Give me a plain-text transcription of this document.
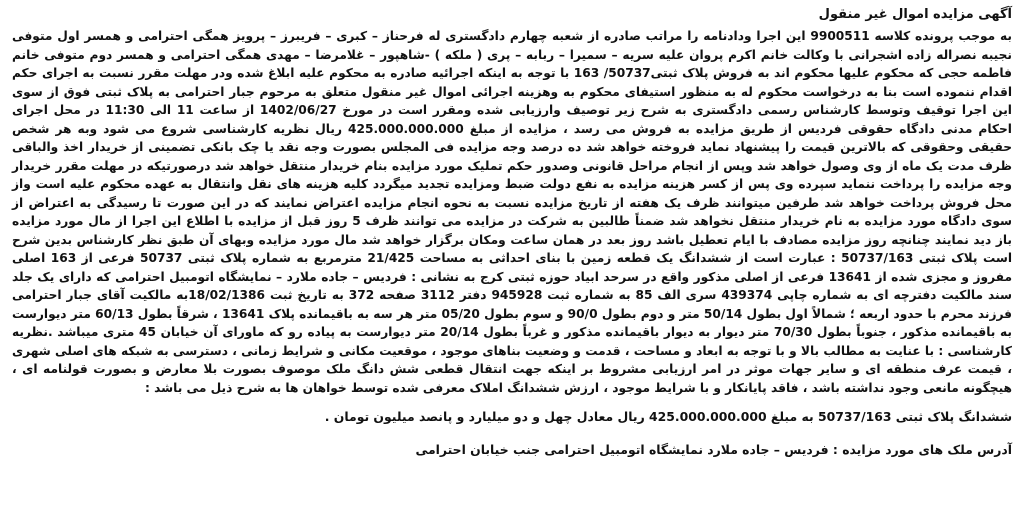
آگهی مزایده اموال غیر منقول

به موجب پرونده کلاسه 9900511 این اجرا ودادنامه را مراتب صادره از شعبه چهارم دادگستری له فرحناز – کبری – فریبرز – پرویز همگی احترامی و همسر اول متوفی نجیبه نصراله زاده اشجرانی با وکالت خانم اکرم پروان علیه سریه – سمیرا – ربابه – پری ( ملکه ) -شاهپور – غلامرضا – مهدی همگی احترامی و همسر دوم متوفی خانم فاطمه حجی که محکوم علیها محکوم اند به فروش پلاک ثبتی50737/ 163 با توجه به اینکه اجرائیه صادره به محکوم علیه ابلاغ شده ودر مهلت مقرر نسبت به اجرای حکم اقدام ننموده است بنا به درخواست محکوم له به منظور استیفای محکوم به وهزینه اجرائی اموال غیر منقول متعلق به مرحوم جبار احترامی به پلاک ثبتی فوق از سوی این اجرا توقیف وتوسط کارشناس رسمی دادگستری به شرح زیر توصیف وارزیابی شده ومقرر است در مورخ 1402/06/27 از ساعت 11 الی 11:30 در محل اجرای احکام مدنی دادگاه حقوقی فردیس از طریق مزایده به فروش می رسد ، مزایده از مبلغ 425.000.000.000 ریال نظریه کارشناسی شروع می شود وبه هر شخص حقیقی وحقوقی که بالاترین قیمت را پیشنهاد نماید فروخته خواهد شد ده درصد وجه مزایده فی المجلس بصورت وجه نقد یا چک بانکی تضمینی از خریدار اخذ والباقی ظرف مدت یک ماه از وی وصول خواهد شد وپس از انجام مراحل قانونی وصدور حکم تملیک مورد مزایده بنام خریدار منتقل خواهد شد درصورتیکه در مهلت مقرر خریدار وجه مزایده را پرداخت ننماید سپرده وی پس از کسر هزینه مزایده به نفع دولت ضبط ومزایده تجدید میگردد کلیه هزینه های نقل وانتقال به عهده محکوم علیه است واز محل فروش پرداخت خواهد شد طرفین میتوانند ظرف یک هفته از تاریخ مزایده نسبت به نحوه انجام مزایده اعتراض نمایند که در این صورت تا رسیدگی به اعتراض از سوی دادگاه مورد مزایده به نام خریدار منتقل نخواهد شد ضمناً طالبین به شرکت در مزایده می توانند ظرف 5 روز قبل از مزایده با اطلاع این اجرا از مال مورد مزایده باز دید نمایند چنانچه روز مزایده مصادف با ایام تعطیل باشد روز بعد در همان ساعت ومکان برگزار خواهد شد مال مورد مزایده وبهای آن طبق نظر کارشناس بدین شرح است پلاک ثبتی 50737/163 : عبارت است از ششدانگ یک قطعه زمین با بنای احداثی به مساحت 21/425 مترمربع به شماره پلاک ثبتی 50737 فرعی از 163 اصلی مفروز و مجزی شده از 13641 فرعی از اصلی مذکور واقع در سرحد ابیاد حوزه ثبتی کرج به نشانی : فردیس – جاده ملارد – نمایشگاه اتومبیل احترامی که دارای یک جلد سند مالکیت دفترچه ای به شماره چاپی 439374 سری الف 85 به شماره ثبت 945928 دفتر 3112 صفحه 372 به تاریخ ثبت 18/02/1386به مالکیت آقای جبار احترامی فرزند محرم با حدود اربعه ؛ شمالاً اول بطول 50/14 متر و دوم بطول 90/0 و سوم بطول 05/20 متر هر سه به باقیمانده پلاک 13641 ، شرقاً بطول 60/13 متر دیوارست به باقیمانده مذکور ، جنوباً بطول 70/30 متر دیوار به دیوار باقیمانده مذکور و غرباً بطول 20/14 متر دیوارست به پیاده رو که ماورای آن خیابان 45 متری میباشد .نظریه کارشناسی : با عنایت به مطالب بالا و با توجه به ابعاد و مساحت ، قدمت و وضعیت بناهای موجود ، موقعیت مکانی و شرایط زمانی ، دسترسی به شبکه های اصلی شهری ، قیمت عرف منطقه ای و سایر جهات موثر در امر ارزیابی مشروط بر اینکه جهت انتقال قطعی شش دانگ ملک موصوف بصورت بلا معارض و بصورت قولنامه ای ، هیچگونه مانعی وجود نداشته باشد ، فاقد پایانکار و با شرایط موجود ، ارزش ششدانگ املاک معرفی شده توسط خواهان ها به شرح ذیل می باشد :

ششدانگ پلاک ثبتی 50737/163 به مبلغ 425.000.000.000 ریال معادل چهل و دو میلیارد و پانصد میلیون تومان .
آدرس ملک های مورد مزایده : فردیس – جاده ملارد نمایشگاه اتومبیل احترامی جنب خیابان احترامی
